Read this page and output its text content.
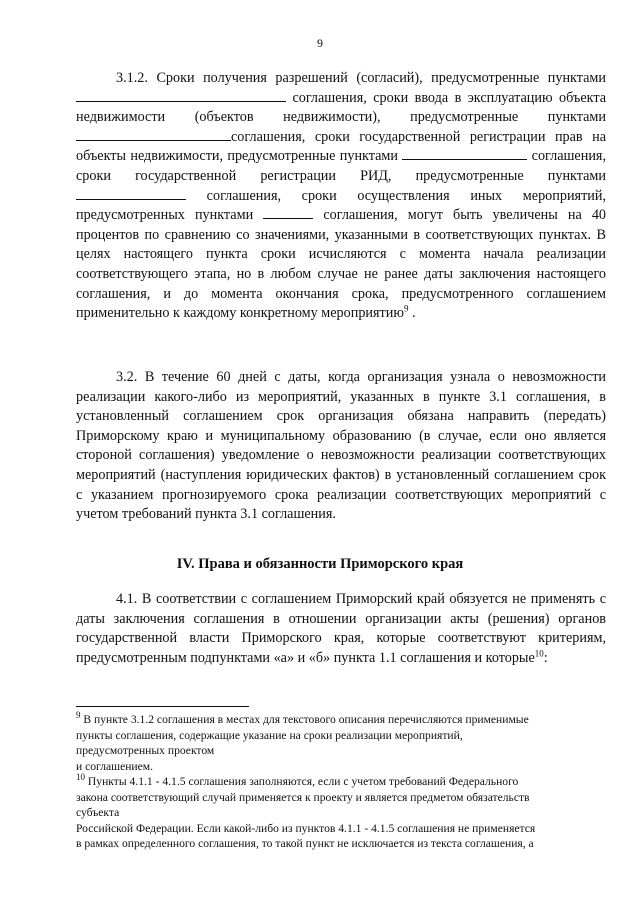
9

3.1.2. Сроки получения разрешений (согласий), предусмотренные пунктами  соглашения, сроки ввода в эксплуатацию объекта недвижимости (объектов недвижимости), предусмотренные пунктами соглашения, сроки государственной регистрации прав на объекты недвижимости, предусмотренные пунктами	соглашения, сроки государственной регистрации РИД, предусмотренные пунктами  соглашения, сроки осуществления иных мероприятий, предусмотренных пунктами	соглашения, могут быть увеличены на 40 процентов по сравнению со значениями, указанными в соответствующих пунктах. В целях настоящего пункта сроки исчисляются с момента начала реализации соответствующего этапа, но в любом случае не ранее даты заключения настоящего соглашения, и до момента окончания срока, предусмотренного соглашением применительно к каждому конкретному мероприятию$^9$ .

3.2. В течение 60 дней с даты, когда организация узнала о невозможности реализации какого-либо из мероприятий, указанных в пункте 3.1 соглашения, в установленный соглашением срок организация обязана направить (передать) Приморскому краю и муниципальному образованию (в случае, если оно является стороной соглашения) уведомление о невозможности реализации соответствующих мероприятий (наступления юридических фактов) в установленный соглашением срок с указанием прогнозируемого срока реализации соответствующих мероприятий с учетом требований пункта 3.1 соглашения.

IV. Права и обязанности Приморского края

4.1. В соответствии с соглашением Приморский край обязуется не применять с даты заключения соглашения в отношении организации акты (решения) органов государственной власти Приморского края, которые соответствуют критериям, предусмотренным подпунктами «а» и «б» пункта 1.1 соглашения и которые$^{10}$:

$^9$ В пункте 3.1.2 соглашения в местах для текстового описания перечисляются применимые
пункты соглашения, содержащие указание на сроки реализации мероприятий,
предусмотренных проектом
и соглашением.
$^{10}$ Пункты 4.1.1 - 4.1.5 соглашения заполняются, если с учетом требований Федерального
закона соответствующий случай применяется к проекту и является предметом обязательств
субъекта
Российской Федерации. Если какой-либо из пунктов 4.1.1 - 4.1.5 соглашения не применяется
в рамках определенного соглашения, то такой пункт не исключается из текста соглашения, а
